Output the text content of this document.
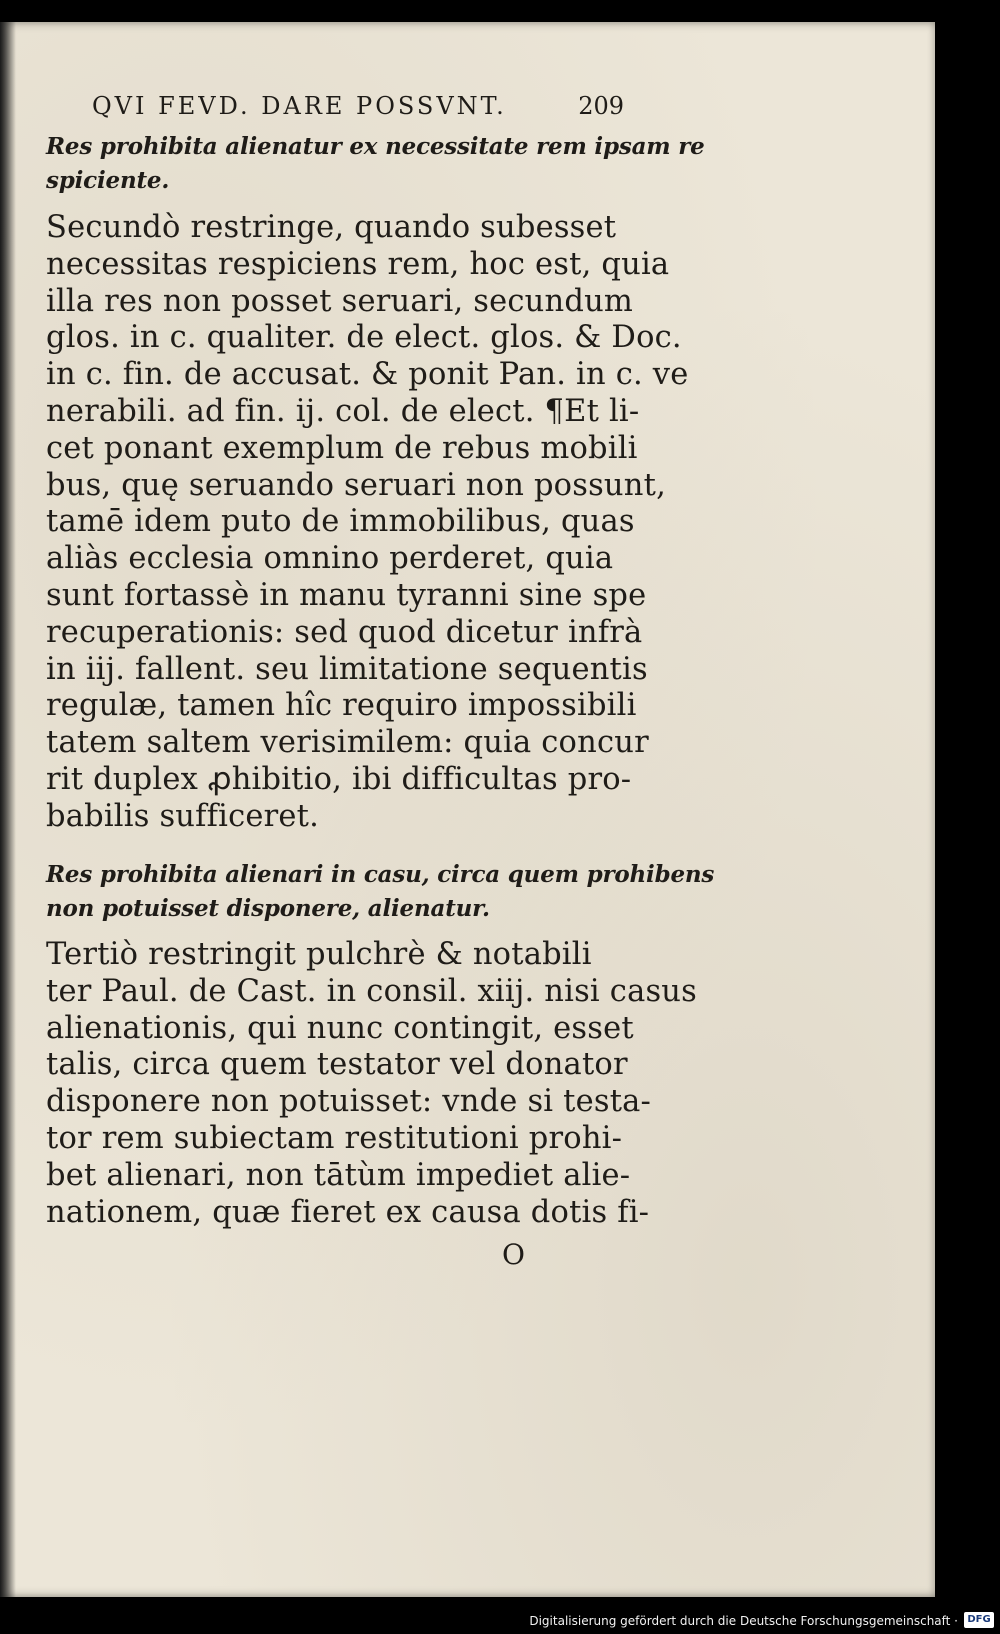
QVI FEVD. DARE POSSVNT.	209
Res prohibita alienatur ex necessitate rem ipsam re
spiciente.
Secundò restringe, quando subesset
necessitas respiciens rem, hoc est, quia
illa res non posset seruari, secundum
glos. in c. qualiter. de elect. glos. & Doc.
in c. fin. de accusat. & ponit Pan. in c. ve
nerabili. ad fin. ij. col. de elect. ¶Et li-
cet ponant exemplum de rebus mobili
bus, quę seruando seruari non possunt,
tamē idem puto de immobilibus, quas
aliàs ecclesia omnino perderet, quia
sunt fortassè in manu tyranni sine spe
recuperationis: sed quod dicetur infrà
in iij. fallent. seu limitatione sequentis
regulæ, tamen hîc requiro impossibili
tatem saltem verisimilem: quia concur
rit duplex ꝓhibitio, ibi difficultas pro-
babilis sufficeret.
Res prohibita alienari in casu, circa quem prohibens
non potuisset disponere, alienatur.
Tertiò restringit pulchrè & notabili
ter Paul. de Cast. in consil. xiij. nisi casus
alienationis, qui nunc contingit, esset
talis, circa quem testator vel donator
disponere non potuisset: vnde si testa-
tor rem subiectam restitutioni prohi-
bet alienari, non tātùm impediet alie-
nationem, quæ fieret ex causa dotis fi-
O
Digitalisierung gefördert durch die Deutsche Forschungsgemeinschaft · DFG
